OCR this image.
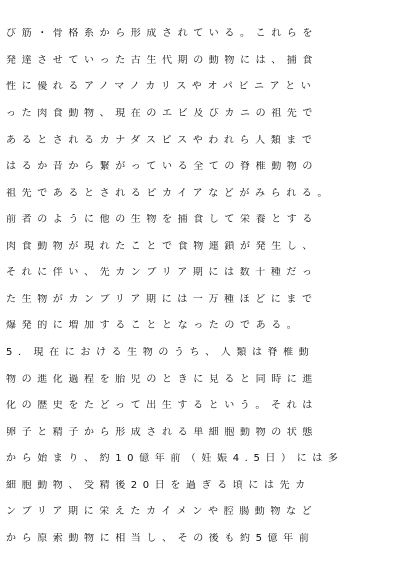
び筋・骨格系から形成されている。これらを
発達させていった古生代期の動物には、捕食
性に優れるアノマノカリスやオパビニアとい
った肉食動物、現在のエビ及びカニの祖先で
あるとされるカナダスピスやわれら人類まで
はるか昔から繋がっている全ての脊椎動物の
祖先であるとされるピカイアなどがみられる。
前者のように他の生物を捕食して栄養とする
肉食動物が現れたことで食物連鎖が発生し、
それに伴い、先カンブリア期には数十種だっ
た生物がカンブリア期には一万種ほどにまで
爆発的に増加することとなったのである。
5．現在における生物のうち、人類は脊椎動
物の進化過程を胎児のときに見ると同時に進
化の歴史をたどって出生するという。それは
卵子と精子から形成される単細胞動物の状態
から始まり、約10億年前（妊娠4.5日）には多
細胞動物、受精後20日を過ぎる頃には先カ
ンブリア期に栄えたカイメンや腔腸動物など
から原索動物に相当し、その後も約5億年前
